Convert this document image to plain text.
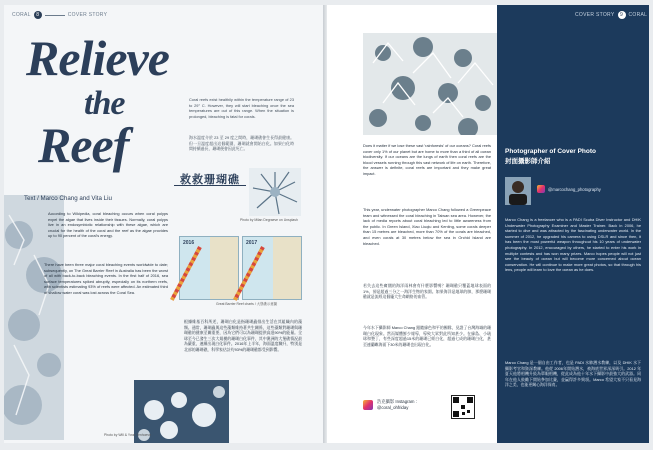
CORAL	8	COVER STORY
Relieve
the
Reef
Coral reefs exist healthily within the temperature range of 23 to 29° C. However, they will start bleaching once the sea temperatures are out of this range. When the situation is prolonged, bleaching is fatal for corals.
海水溫度介於 23 至 29 度之間時，珊瑚礁會生長得最健康。但一旦溫度超出這個範圍，珊瑚就會開始白化。如果白化時間持續過長，珊瑚便會因此死亡。
救救珊瑚礁
Photo by Milan Degraeve on Unsplash
Text / Marco Chang and Vita Liu
According to Wikipedia, coral bleaching occurs when coral polyps expel the algae that lives inside their tissues. Normally, coral polyps live in an endosymbiotic relationship with these algae, which are crucial for the health of the coral and the reef as the algae provides up to 90 percent of the coral's energy.
There have been three major coral bleaching events worldwide to date; subsequently, on The Great Barrier Reef in Australia has been the worst of all with back-to-back bleaching events. In the first half of 2016, sea surface temperatures spiked abruptly, especially on its northern reefs, with scientists estimating 93% of reefs were affected. An estimated third of shallow water coral was lost across the Coral Sea.
2016	2017
Great Barrier Reef charts / 大堡礁示意圖
根據維基百科所述，珊瑚白化是指珊瑚蟲排出生活在其組織內的藻類。通常，珊瑚蟲與這些藻類維持著共生關係，這些藻類對珊瑚與珊瑚礁的健康至關重要，因為它們可以為珊瑚提供高達90%的能量。全球至今已發生三次大規模的珊瑚白化事件，其中澳洲的大堡礁情況最為嚴重，連續出現白化事件。2016年上半年，海面溫度驟升，特別是北部的珊瑚礁，科學家估計約93%的珊瑚礁都受到影響。
Photo by Will & Yvon Tenhoeve
Does it matter if we lose these vast 'rainforests' of our oceans? Coral reefs cover only 1% of our planet but are home to more than a third of all ocean biodiversity. If our oceans are the lungs of earth then coral reefs are the blood vessels running through this vast network of life on earth. Therefore, the answer is definite, coral reefs are important and they make great impact.
This year, underwater photographer Marco Chang followed a Greenpeace team and witnessed the coral bleaching in Taiwan sea area. However, the lack of media reports about coral bleaching led to little awareness from the public. In Green Island, Xiao Liuqiu and Kenting, some corals deeper than 15 metres are bleached, more than 70% of the corals are bleached, and even corals at 30 metres below the sea in Orchid Island are bleached.
若失去這些廣闊的海洋雨林會有什麼影響嗎？珊瑚礁只覆蓋地球表面的1%，卻是超過三分之一海洋生物的家園。如果海洋是地球的肺，那麼珊瑚礁就是流經這個龐大生命網絡的血管。
今年水下攝影師 Marco Chang 跟隨綠色和平的團隊，見證了台灣海域的珊瑚白化現象。然而媒體鮮少報導，導致大眾對此所知甚少。在綠島、小琉球和墾丁，有些深度超過15米的珊瑚已經白化，超過七成的珊瑚白化，甚至連蘭嶼海面下30米的珊瑚也出現白化。
浩克攝影 Instagram :
@coral_ohfriday
COVER STORY	9	CORAL
Photographer of Cover Photo
封面攝影師介紹
@marcochang_photography
Marco Chang is a freelancer who is a PADI Scuba Diver Instructor and DHIK Underwater Photography Examiner and Master Trainer. Back in 2006, he started to dive and was attracted by the fascinating underwater world. In the summer of 2012, he upgraded his camera to using DSLR and since then, it has been the most powerful weapon throughout his 10 years of underwater photography. In 2012, encouraged by others, he started to enter his work in multiple contests and has won many prizes. Marco hopes people will not just see the beauty of ocean but will become more concerned about ocean conservation. He will continue to make more great photos, so that through his lens, people will learn to love the ocean as he does.
Marco Chang 是一個自由工作者，也是 PADI 水肺潛水教練，以及 DHIK 水下攝影考官和資深教練。他從 2006年開始潛水，被海底世界深深吸引。2012 年夏天他將相機升級為單眼相機，從此成為他十年水下攝影中最強大的武器。同年在他人鼓勵下開始參加比賽，並贏得許多獎項。Marco 希望大家不只看見海洋之美，也能更關心海洋保育。
